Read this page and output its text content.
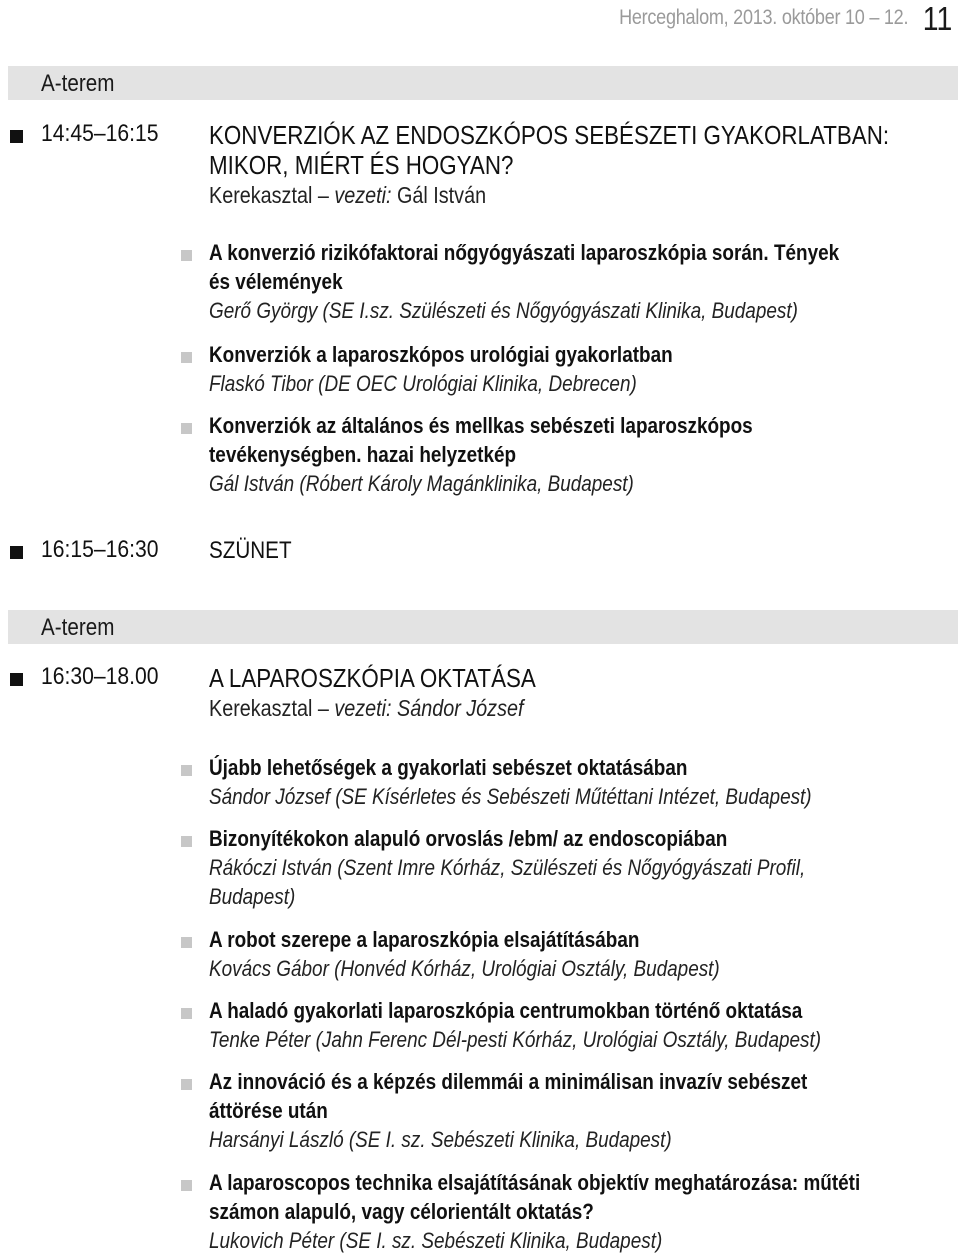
Herceghalom, 2013. október 10 – 12. 11
A-terem
14:45–16:15 KONVERZIÓK AZ ENDOSZKÓPOS SEBÉSZETI GYAKORLATBAN:
MIKOR, MIÉRT ÉS HOGYAN?
Kerekasztal – vezeti: Gál István
A konverzió rizikófaktorai nőgyógyászati laparoszkópia során. Tények
és vélemények
Gerő György (SE I.sz. Szülészeti és Nőgyógyászati Klinika, Budapest)
Konverziók a laparoszkópos urológiai gyakorlatban
Flaskó Tibor (DE OEC Urológiai Klinika, Debrecen)
Konverziók az általános és mellkas sebészeti laparoszkópos
tevékenységben. hazai helyzetkép
Gál István (Róbert Károly Magánklinika, Budapest)
16:15–16:30 SZÜNET
A-terem
16:30–18.00 A LAPAROSZKÓPIA OKTATÁSA
Kerekasztal – vezeti: Sándor József
Újabb lehetőségek a gyakorlati sebészet oktatásában
Sándor József (SE Kísérletes és Sebészeti Műtéttani Intézet, Budapest)
Bizonyítékokon alapuló orvoslás /ebm/ az endoscopiában
Rákóczi István (Szent Imre Kórház, Szülészeti és Nőgyógyászati Profil,
Budapest)
A robot szerepe a laparoszkópia elsajátításában
Kovács Gábor (Honvéd Kórház, Urológiai Osztály, Budapest)
A haladó gyakorlati laparoszkópia centrumokban történő oktatása
Tenke Péter (Jahn Ferenc Dél-pesti Kórház, Urológiai Osztály, Budapest)
Az innováció és a képzés dilemmái a minimálisan invazív sebészet
áttörése után
Harsányi László (SE I. sz. Sebészeti Klinika, Budapest)
A laparoscopos technika elsajátításának objektív meghatározása: műtéti
számon alapuló, vagy célorientált oktatás?
Lukovich Péter (SE I. sz. Sebészeti Klinika, Budapest)
